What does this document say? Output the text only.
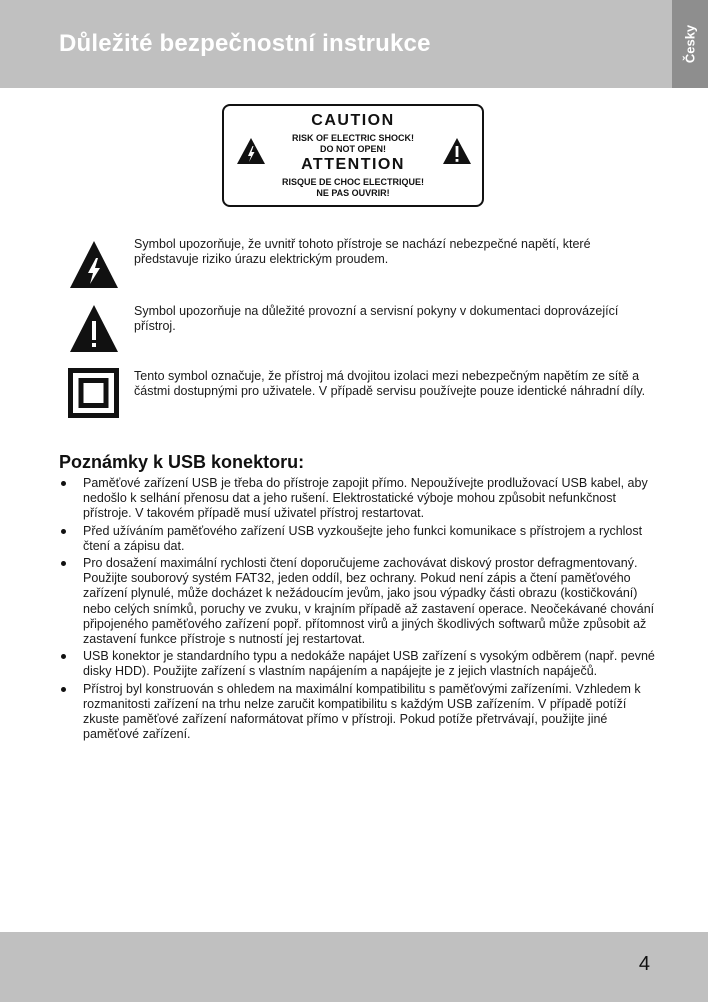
Důležité bezpečnostní instrukce	Česky
CAUTION
RISK OF ELECTRIC SHOCK!
DO NOT OPEN!
ATTENTION
RISQUE DE CHOC ELECTRIQUE!
NE PAS OUVRIR!
Symbol upozorňuje, že uvnitř tohoto přístroje se nachází nebezpečné napětí, které představuje riziko úrazu elektrickým proudem.
Symbol upozorňuje na důležité provozní a servisní pokyny v dokumentaci doprovázející přístroj.
Tento symbol označuje, že přístroj má dvojitou izolaci mezi nebezpečným napětím ze sítě a částmi dostupnými pro uživatele. V případě servisu používejte pouze identické náhradní díly.
Poznámky k USB konektoru:
Paměťové zařízení USB je třeba do přístroje zapojit přímo. Nepoužívejte prodlužovací USB kabel, aby nedošlo k selhání přenosu dat a jeho rušení. Elektrostatické výboje mohou způsobit nefunkčnost přístroje. V takovém případě musí uživatel přístroj restartovat.
Před užíváním paměťového zařízení USB vyzkoušejte jeho funkci komunikace s přístrojem a rychlost čtení a zápisu dat.
Pro dosažení maximální rychlosti čtení doporučujeme zachovávat diskový prostor defragmentovaný. Použijte souborový systém FAT32, jeden oddíl, bez ochrany. Pokud není zápis a čtení paměťového zařízení plynulé, může docházet k nežádoucím jevům, jako jsou výpadky části obrazu (kostičkování) nebo celých snímků, poruchy ve zvuku, v krajním případě až zastavení operace. Neočekávané chování připojeného paměťového zařízení popř. přítomnost virů a jiných škodlivých softwarů může způsobit až zastavení funkce přístroje s nutností jej restartovat.
USB konektor je standardního typu a nedokáže napájet USB zařízení s vysokým odběrem (např. pevné disky HDD). Použijte zařízení s vlastním napájením a napájejte je z jejich vlastních napáječů.
Přístroj byl konstruován s ohledem na maximální kompatibilitu s paměťovými zařízeními. Vzhledem k rozmanitosti zařízení na trhu nelze zaručit kompatibilitu s každým USB zařízením. V případě potíží zkuste paměťové zařízení naformátovat přímo v přístroji. Pokud potíže přetrvávají, použijte jiné paměťové zařízení.
4
